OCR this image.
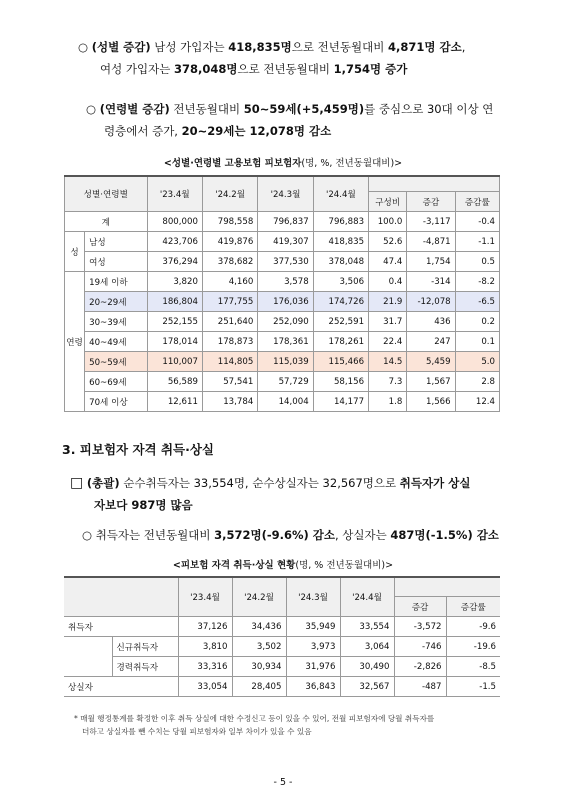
○ (성별 증감) 남성 가입자는 418,835명으로 전년동월대비 4,871명 감소,
여성 가입자는 378,048명으로 전년동월대비 1,754명 증가
○ (연령별 증감) 전년동월대비 50~59세(+5,459명)를 중심으로 30대 이상 연
령층에서 증가, 20~29세는 12,078명 감소
<성별·연령별 고용보험 피보험자(명, %, 전년동월대비)>
성별·연령별		'23.4월	'24.2월	'24.3월	'24.4월			
						구성비	증감	증감률
계		800,000	798,558	796,837	796,883	100.0	-3,117	-0.4
성	남성	423,706	419,876	419,307	418,835	52.6	-4,871	-1.1
	여성	376,294	378,682	377,530	378,048	47.4	1,754	0.5
연령	19세 이하	3,820	4,160	3,578	3,506	0.4	-314	-8.2
	20~29세	186,804	177,755	176,036	174,726	21.9	-12,078	-6.5
	30~39세	252,155	251,640	252,090	252,591	31.7	436	0.2
	40~49세	178,014	178,873	178,361	178,261	22.4	247	0.1
	50~59세	110,007	114,805	115,039	115,466	14.5	5,459	5.0
	60~69세	56,589	57,541	57,729	58,156	7.3	1,567	2.8
	70세 이상	12,611	13,784	14,004	14,177	1.8	1,566	12.4
3. 피보험자 자격 취득·상실
□ (총괄) 순수취득자는 33,554명, 순수상실자는 32,567명으로 취득자가 상실
자보다 987명 많음
○ 취득자는 전년동월대비 3,572명(-9.6%) 감소, 상실자는 487명(-1.5%) 감소
<피보험 자격 취득·상실 현황(명, % 전년동월대비)>
		'23.4월	'24.2월	'24.3월	'24.4월		
						증감	증감률
취득자		37,126	34,436	35,949	33,554	-3,572	-9.6
	신규취득자	3,810	3,502	3,973	3,064	-746	-19.6
	경력취득자	33,316	30,934	31,976	30,490	-2,826	-8.5
상실자		33,054	28,405	36,843	32,567	-487	-1.5
* 매월 행정통계를 확정한 이후 취득 상실에 대한 수정신고 등이 있을 수 있어, 전월 피보험자에 당월 취득자를
더하고 상실자를 뺀 수치는 당월 피보험자와 일부 차이가 있을 수 있음
- 5 -
